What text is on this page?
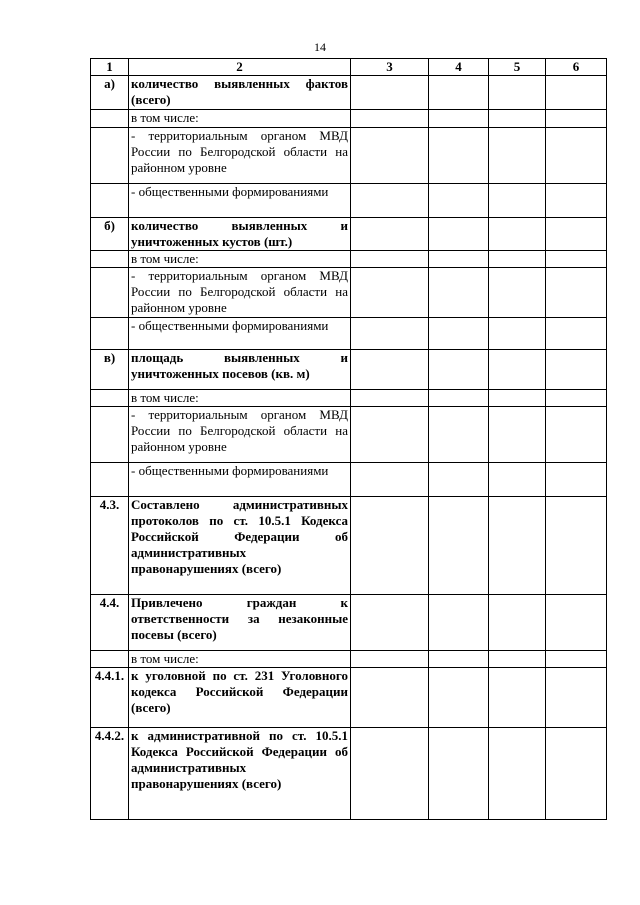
14
1	2	3	4	5	6
а)	количество выявленных фактов (всего)				
	в том числе:				
	- территориальным органом МВД России по Белгородской области на районном уровне				
	- общественными формированиями				
б)	количество выявленных и уничтоженных кустов (шт.)				
	в том числе:				
	- территориальным органом МВД России по Белгородской области на районном уровне				
	- общественными формированиями				
в)	площадь выявленных и уничтоженных посевов (кв. м)				
	в том числе:				
	- территориальным органом МВД России по Белгородской области на районном уровне				
	- общественными формированиями				
4.3.	Составлено административных протоколов по ст. 10.5.1 Кодекса Российской Федерации об административных правонарушениях (всего)				
4.4.	Привлечено граждан к ответственности за незаконные посевы (всего)				
	в том числе:				
4.4.1.	к уголовной по ст. 231 Уголовного кодекса Российской Федерации (всего)				
4.4.2.	к административной по ст. 10.5.1 Кодекса Российской Федерации об административных правонарушениях (всего)				
